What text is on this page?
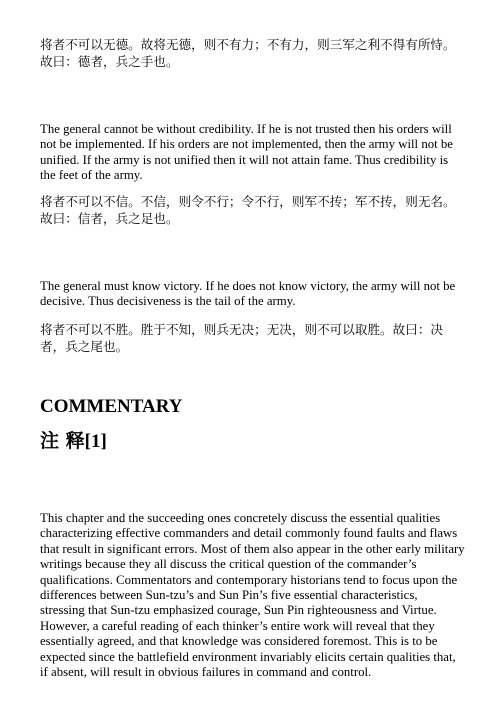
将者不可以无德。故将无德，则不有力；不有力，则三军之利不得有所恃。故曰：德者，兵之手也。

The general cannot be without credibility. If he is not trusted then his orders will not be implemented. If his orders are not implemented, then the army will not be unified. If the army is not unified then it will not attain fame. Thus credibility is the feet of the army.

将者不可以不信。不信，则令不行；令不行，则军不抟；军不抟，则无名。故曰：信者，兵之足也。

The general must know victory. If he does not know victory, the army will not be decisive. Thus decisiveness is the tail of the army.

将者不可以不胜。胜于不知，则兵无决；无决，则不可以取胜。故曰：决者，兵之尾也。

COMMENTARY
注 释[1]

This chapter and the succeeding ones concretely discuss the essential qualities characterizing effective commanders and detail commonly found faults and flaws that result in significant errors. Most of them also appear in the other early military writings because they all discuss the critical question of the commander’s qualifications. Commentators and contemporary historians tend to focus upon the differences between Sun-tzu’s and Sun Pin’s five essential characteristics, stressing that Sun-tzu emphasized courage, Sun Pin righteousness and Virtue. However, a careful reading of each thinker’s entire work will reveal that they essentially agreed, and that knowledge was considered foremost. This is to be expected since the battlefield environment invariably elicits certain qualities that, if absent, will result in obvious failures in command and control.
